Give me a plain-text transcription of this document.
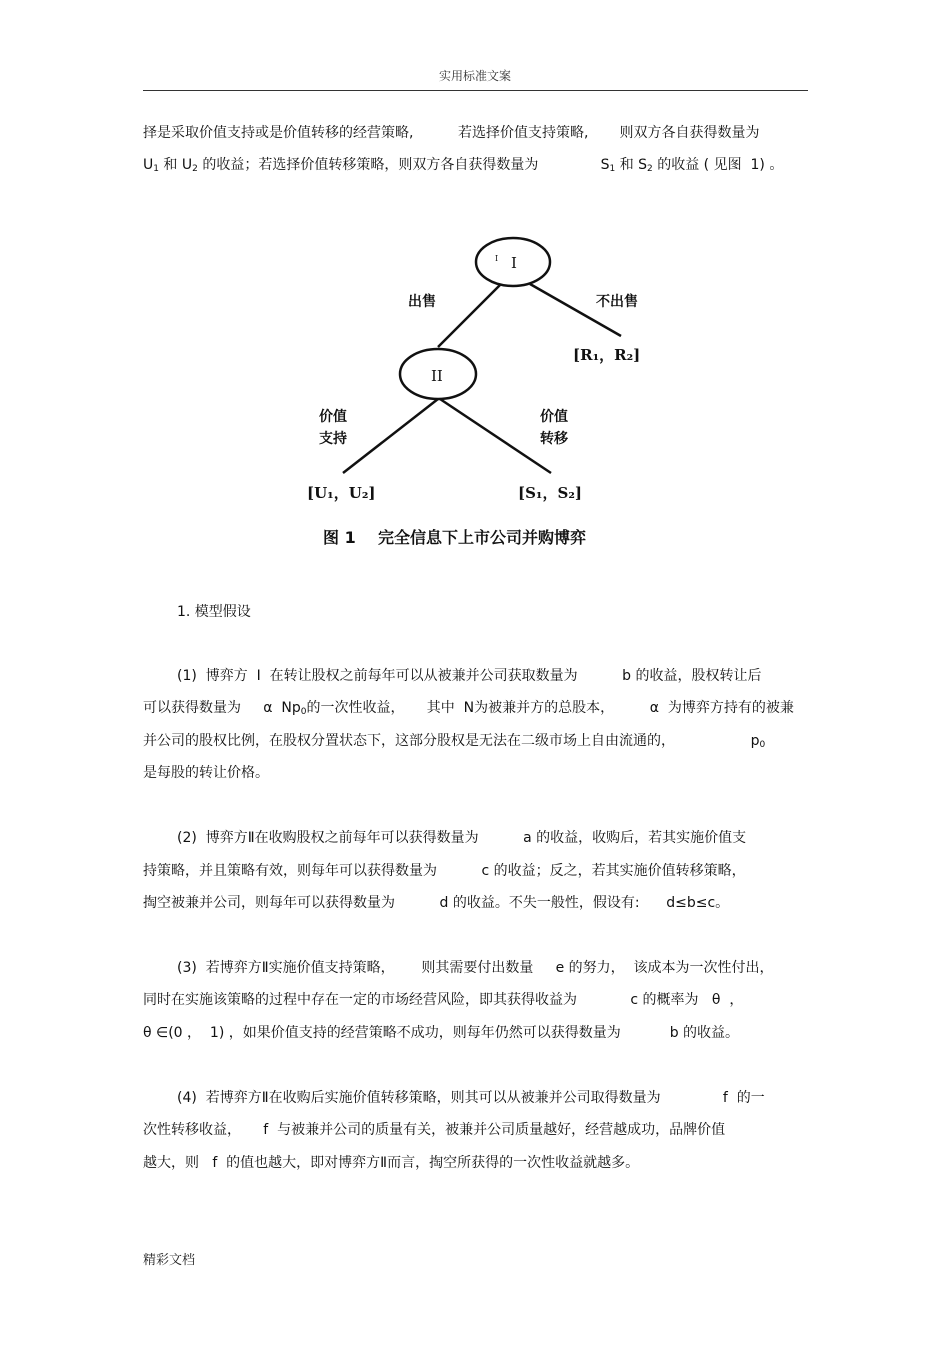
实用标准文案
择是采取价值支持或是价值转移的经营策略,          若选择价值支持策略,       则双方各自获得数量为
$U_1$ 和 $U_2$ 的收益；若选择价值转移策略，则双方各自获得数量为              $S_1$ 和 $S_2$ 的收益 ( 见图  1) 。
I
I
出售	不出售
[R₁，R₂]
II
价值
支持
价值
转移
[U₁，U₂]	[S₁，S₂]
图 1    完全信息下上市公司并购博弈
1. 模型假设
(1)  博弈方  I  在转让股权之前每年可以从被兼并公司获取数量为          b 的收益，股权转让后
可以获得数量为     α  $Np_0$的一次性收益，     其中  N为被兼并方的总股本，        α  为博弈方持有的被兼
并公司的股权比例，在股权分置状态下，这部分股权是无法在二级市场上自由流通的，                 $p_0$
是每股的转让价格。
(2)  博弈方Ⅱ在收购股权之前每年可以获得数量为          a 的收益，收购后，若其实施价值支
持策略，并且策略有效，则每年可以获得数量为          c 的收益；反之，若其实施价值转移策略，
掏空被兼并公司，则每年可以获得数量为          d 的收益。不失一般性，假设有:      d≤b≤c。
(3)  若博弈方Ⅱ实施价值支持策略，      则其需要付出数量     e 的努力，  该成本为一次性付出，
同时在实施该策略的过程中存在一定的市场经营风险，即其获得收益为            c 的概率为   θ  ，
θ ∈(0 ，  1) ，如果价值支持的经营策略不成功，则每年仍然可以获得数量为           b 的收益。
(4)  若博弈方Ⅱ在收购后实施价值转移策略，则其可以从被兼并公司取得数量为              f  的一
次性转移收益，     f  与被兼并公司的质量有关，被兼并公司质量越好，经营越成功，品牌价值
越大，则   f  的值也越大，即对博弈方Ⅱ而言，掏空所获得的一次性收益就越多。
精彩文档
